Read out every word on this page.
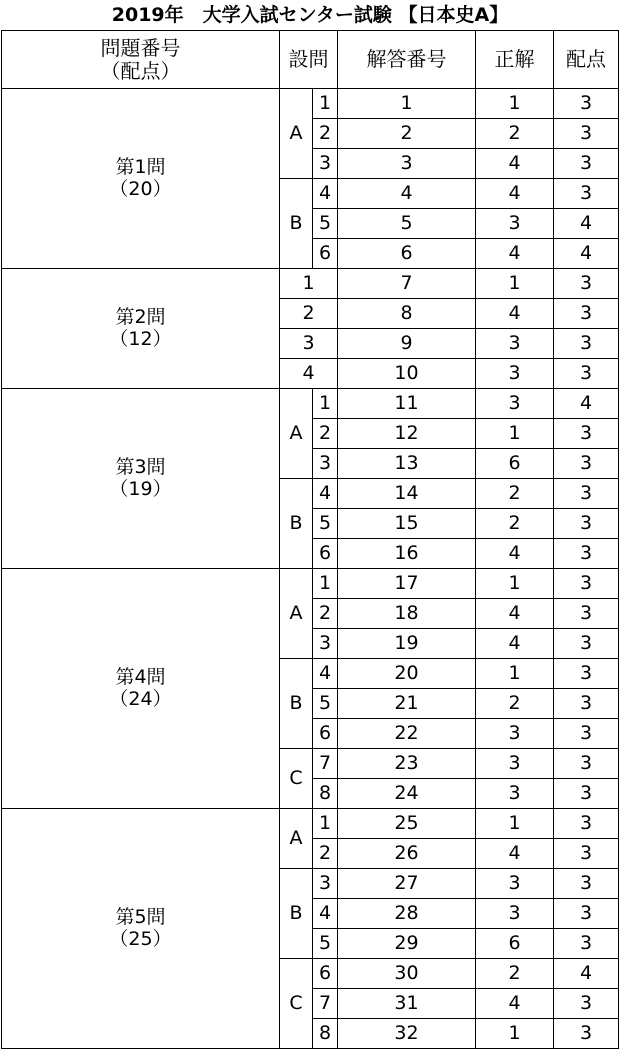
2019年　大学入試センター試験 【日本史A】
問題番号
（配点）	設問		解答番号	正解	配点

第1問
（20）	A	1	1	1	3
		2	2	2	3
		3	3	4	3
	B	4	4	4	3
		5	5	3	4
		6	6	4	4

第2問
（12）	1		7	1	3
	2		8	4	3
	3		9	3	3
	4		10	3	3

第3問
（19）	A	1	11	3	4
		2	12	1	3
		3	13	6	3
	B	4	14	2	3
		5	15	2	3
		6	16	4	3

第4問
（24）	A	1	17	1	3
		2	18	4	3
		3	19	4	3
	B	4	20	1	3
		5	21	2	3
		6	22	3	3
	C	7	23	3	3
		8	24	3	3

第5問
（25）	A	1	25	1	3
		2	26	4	3
	B	3	27	3	3
		4	28	3	3
		5	29	6	3
	C	6	30	2	4
		7	31	4	3
		8	32	1	3
